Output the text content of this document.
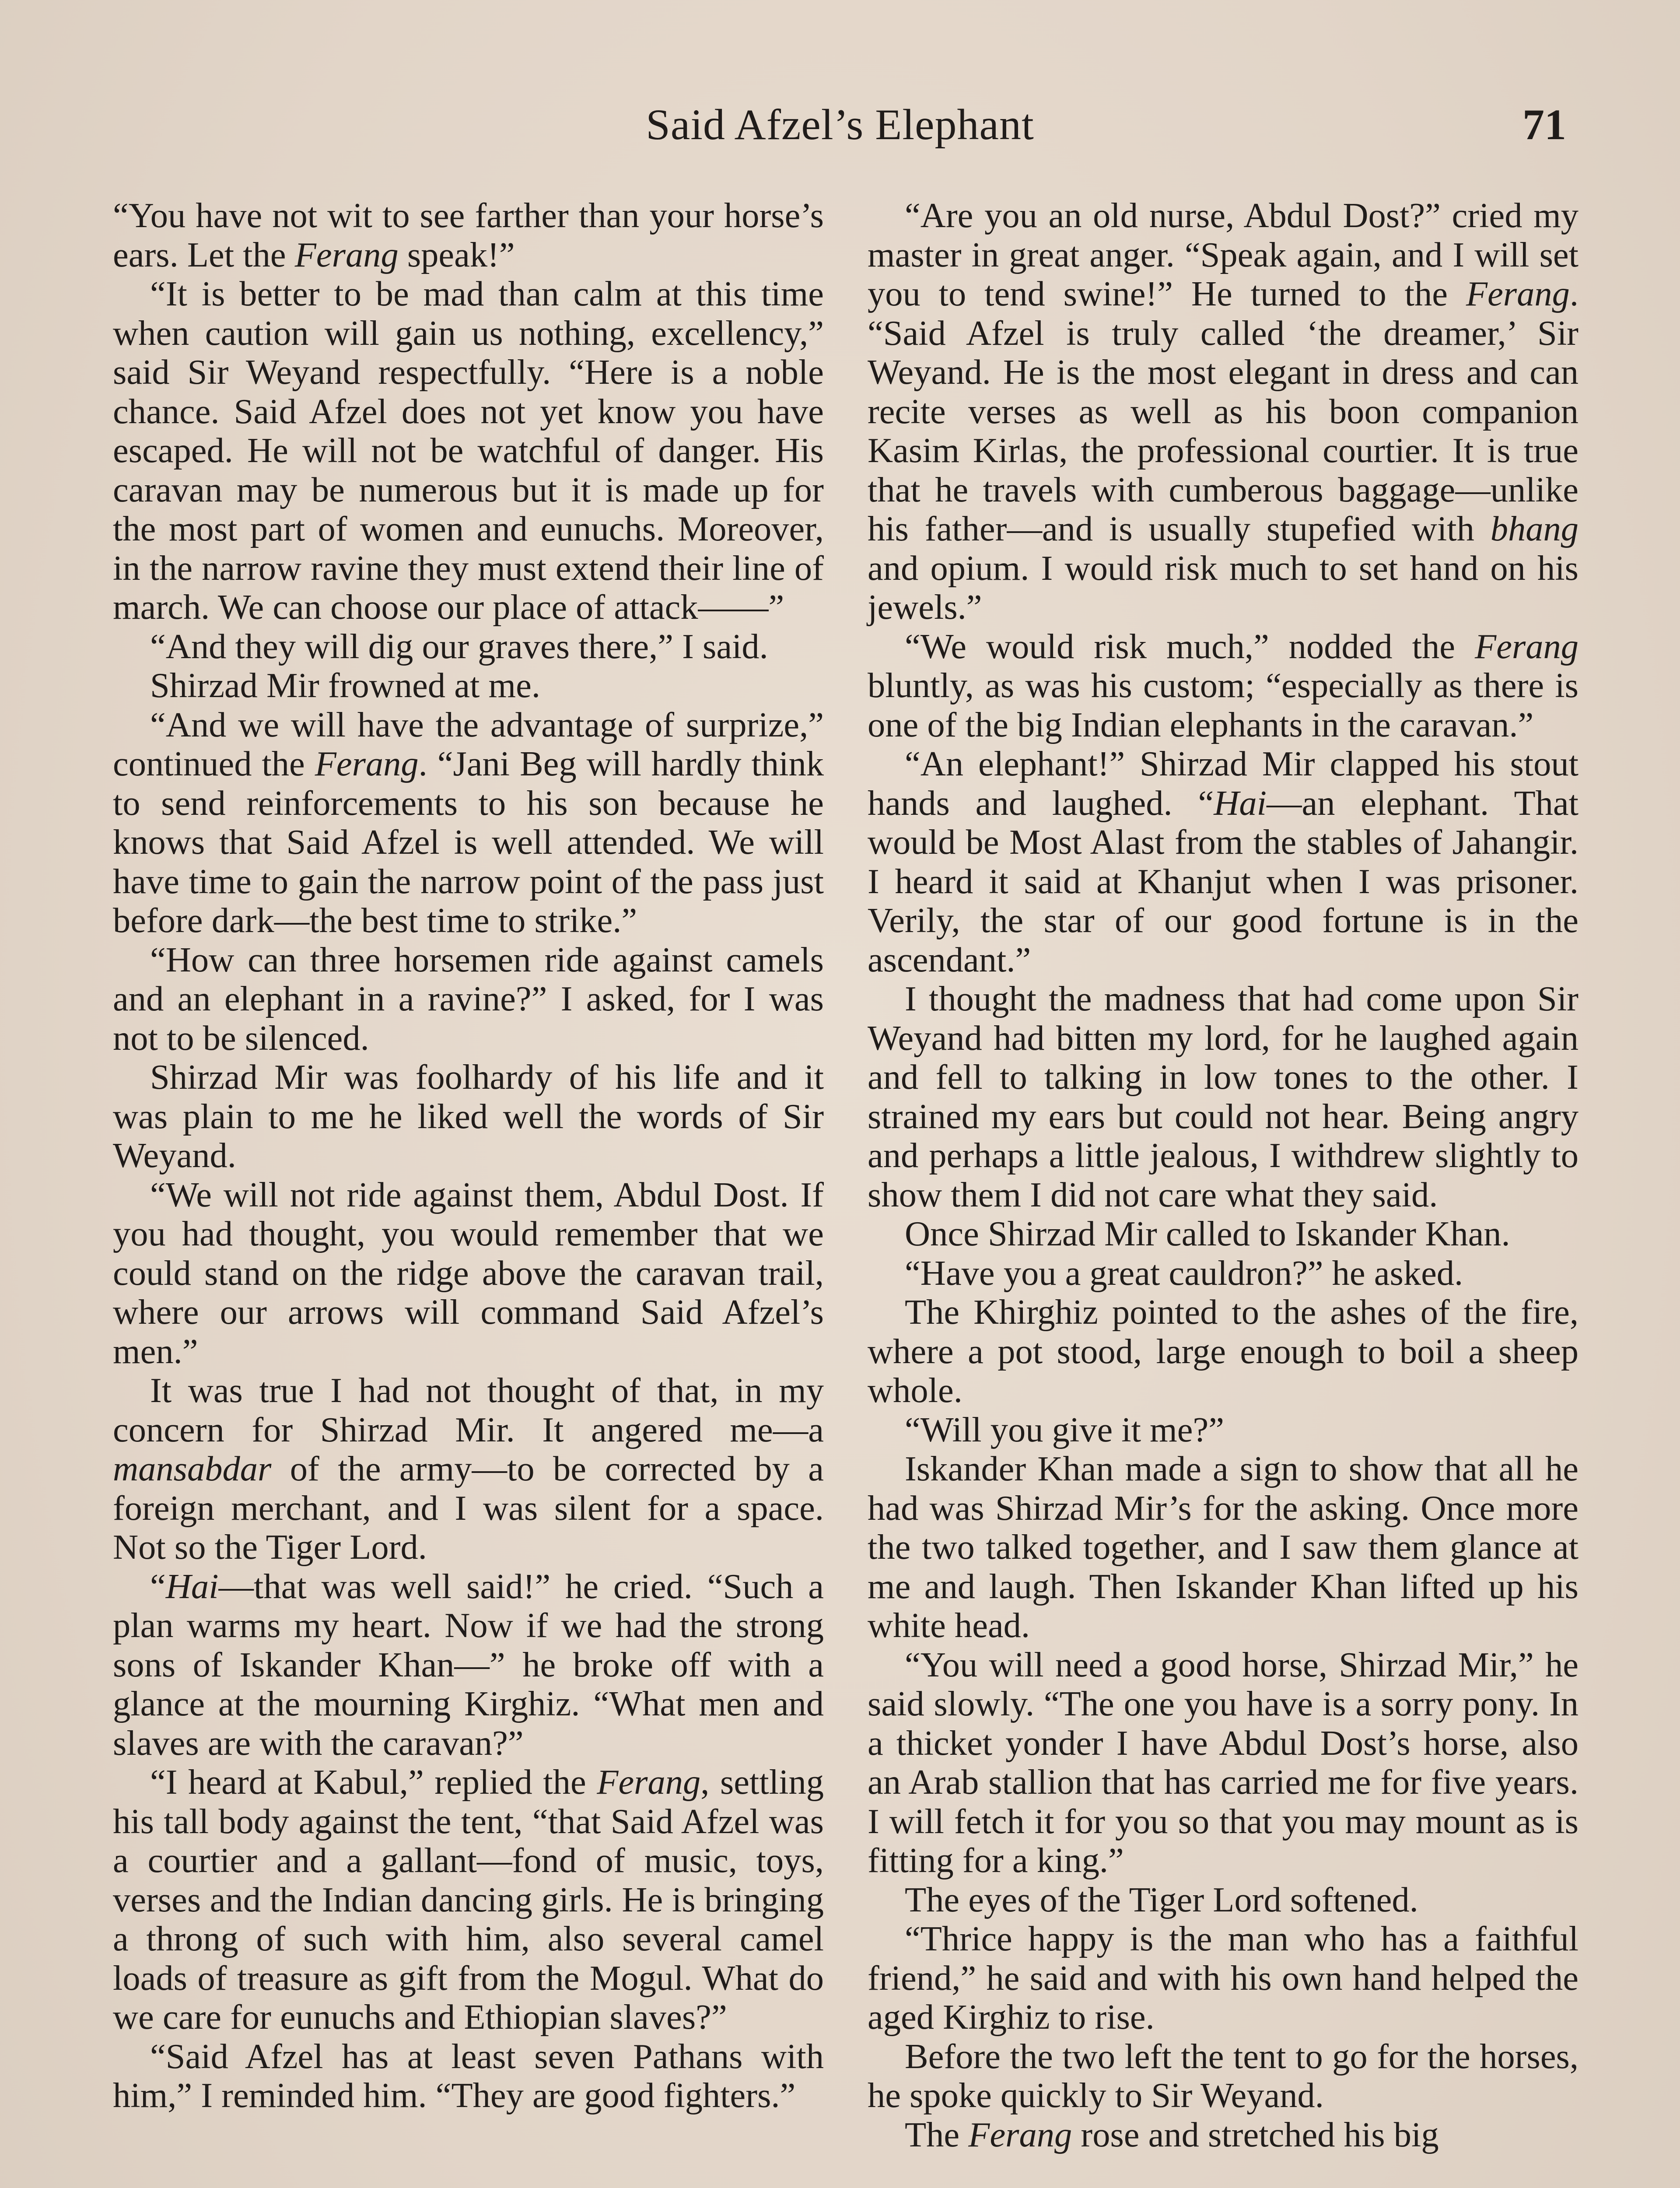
Said Afzel’s Elephant	71

“You have not wit to see farther than your horse’s ears. Let the Ferang speak!”

“It is better to be mad than calm at this time when caution will gain us nothing, excellency,” said Sir Weyand respectfully. “Here is a noble chance. Said Afzel does not yet know you have escaped. He will not be watchful of danger. His caravan may be numerous but it is made up for the most part of women and eunuchs. Moreover, in the narrow ravine they must extend their line of march. We can choose our place of attack——”

“And they will dig our graves there,” I said.

Shirzad Mir frowned at me.

“And we will have the advantage of surprize,” continued the Ferang. “Jani Beg will hardly think to send reinforcements to his son because he knows that Said Afzel is well attended. We will have time to gain the narrow point of the pass just before dark—the best time to strike.”

“How can three horsemen ride against camels and an elephant in a ravine?” I asked, for I was not to be silenced.

Shirzad Mir was foolhardy of his life and it was plain to me he liked well the words of Sir Weyand.

“We will not ride against them, Abdul Dost. If you had thought, you would remember that we could stand on the ridge above the caravan trail, where our arrows will command Said Afzel’s men.”

It was true I had not thought of that, in my concern for Shirzad Mir. It angered me—a mansabdar of the army—to be corrected by a foreign merchant, and I was silent for a space. Not so the Tiger Lord.

“Hai—that was well said!” he cried. “Such a plan warms my heart. Now if we had the strong sons of Iskander Khan—” he broke off with a glance at the mourning Kirghiz. “What men and slaves are with the caravan?”

“I heard at Kabul,” replied the Ferang, settling his tall body against the tent, “that Said Afzel was a courtier and a gallant—fond of music, toys, verses and the Indian dancing girls. He is bringing a throng of such with him, also several camel loads of treasure as gift from the Mogul. What do we care for eunuchs and Ethiopian slaves?”

“Said Afzel has at least seven Pathans with him,” I reminded him. “They are good fighters.”

“Are you an old nurse, Abdul Dost?” cried my master in great anger. “Speak again, and I will set you to tend swine!” He turned to the Ferang. “Said Afzel is truly called ‘the dreamer,’ Sir Weyand. He is the most elegant in dress and can recite verses as well as his boon companion Kasim Kirlas, the professional courtier. It is true that he travels with cumberous baggage—unlike his father—and is usually stupefied with bhang and opium. I would risk much to set hand on his jewels.”

“We would risk much,” nodded the Ferang bluntly, as was his custom; “especially as there is one of the big Indian elephants in the caravan.”

“An elephant!” Shirzad Mir clapped his stout hands and laughed. “Hai—an elephant. That would be Most Alast from the stables of Jahangir. I heard it said at Khanjut when I was prisoner. Verily, the star of our good fortune is in the ascendant.”

I thought the madness that had come upon Sir Weyand had bitten my lord, for he laughed again and fell to talking in low tones to the other. I strained my ears but could not hear. Being angry and perhaps a little jealous, I withdrew slightly to show them I did not care what they said.

Once Shirzad Mir called to Iskander Khan.

“Have you a great cauldron?” he asked.

The Khirghiz pointed to the ashes of the fire, where a pot stood, large enough to boil a sheep whole.

“Will you give it me?”

Iskander Khan made a sign to show that all he had was Shirzad Mir’s for the asking. Once more the two talked together, and I saw them glance at me and laugh. Then Iskander Khan lifted up his white head.

“You will need a good horse, Shirzad Mir,” he said slowly. “The one you have is a sorry pony. In a thicket yonder I have Abdul Dost’s horse, also an Arab stallion that has carried me for five years. I will fetch it for you so that you may mount as is fitting for a king.”

The eyes of the Tiger Lord softened.

“Thrice happy is the man who has a faithful friend,” he said and with his own hand helped the aged Kirghiz to rise.

Before the two left the tent to go for the horses, he spoke quickly to Sir Weyand.

The Ferang rose and stretched his big
